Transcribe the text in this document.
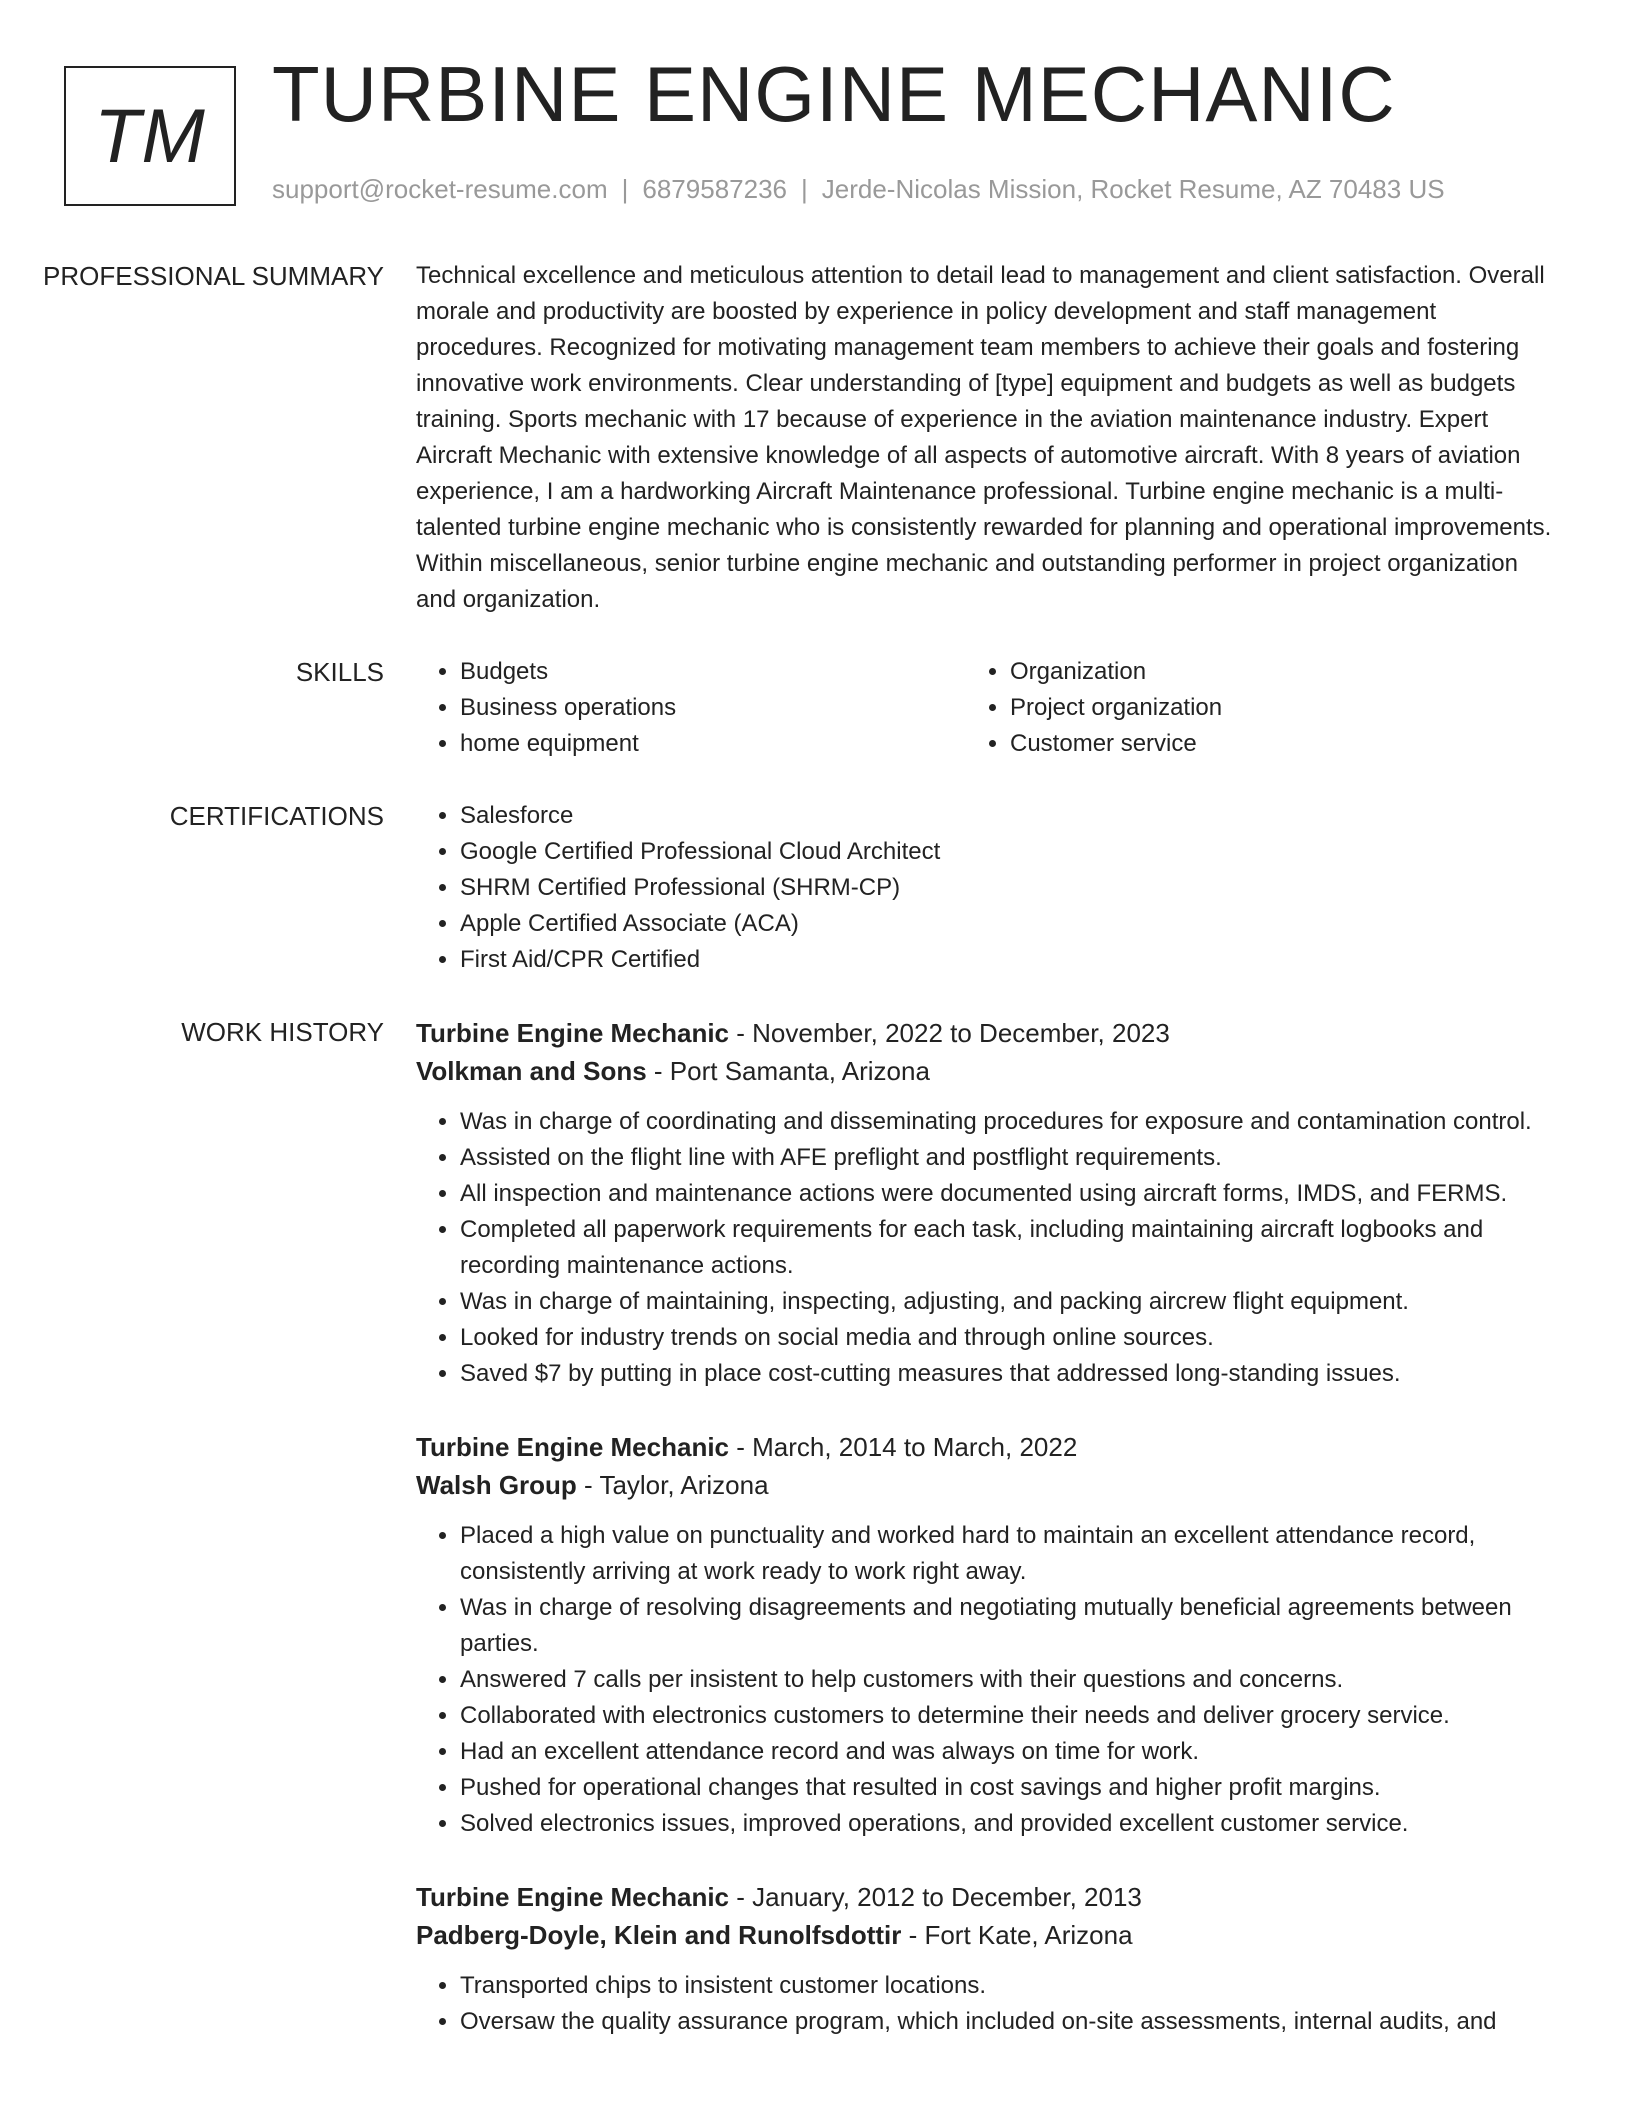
TM TURBINE ENGINE MECHANIC
support@rocket-resume.com | 6879587236 | Jerde-Nicolas Mission, Rocket Resume, AZ 70483 US
PROFESSIONAL SUMMARY	Technical excellence and meticulous attention to detail lead to management and client satisfaction. Overall morale and productivity are boosted by experience in policy development and staff management procedures. Recognized for motivating management team members to achieve their goals and fostering innovative work environments. Clear understanding of [type] equipment and budgets as well as budgets training. Sports mechanic with 17 because of experience in the aviation maintenance industry. Expert Aircraft Mechanic with extensive knowledge of all aspects of automotive aircraft. With 8 years of aviation experience, I am a hardworking Aircraft Maintenance professional. Turbine engine mechanic is a multi-talented turbine engine mechanic who is consistently rewarded for planning and operational improvements. Within miscellaneous, senior turbine engine mechanic and outstanding performer in project organization and organization.

SKILLS	• Budgets
• Business operations
• home equipment
• Organization
• Project organization
• Customer service
CERTIFICATIONS	• Salesforce
• Google Certified Professional Cloud Architect
• SHRM Certified Professional (SHRM-CP)
• Apple Certified Associate (ACA)
• First Aid/CPR Certified
WORK HISTORY	Turbine Engine Mechanic - November, 2022 to December, 2023
Volkman and Sons - Port Samanta, Arizona
• Was in charge of coordinating and disseminating procedures for exposure and contamination control.
• Assisted on the flight line with AFE preflight and postflight requirements.
• All inspection and maintenance actions were documented using aircraft forms, IMDS, and FERMS.
• Completed all paperwork requirements for each task, including maintaining aircraft logbooks and recording maintenance actions.
• Was in charge of maintaining, inspecting, adjusting, and packing aircrew flight equipment.
• Looked for industry trends on social media and through online sources.
• Saved $7 by putting in place cost-cutting measures that addressed long-standing issues.
Turbine Engine Mechanic - March, 2014 to March, 2022
Walsh Group - Taylor, Arizona
• Placed a high value on punctuality and worked hard to maintain an excellent attendance record, consistently arriving at work ready to work right away.
• Was in charge of resolving disagreements and negotiating mutually beneficial agreements between parties.
• Answered 7 calls per insistent to help customers with their questions and concerns.
• Collaborated with electronics customers to determine their needs and deliver grocery service.
• Had an excellent attendance record and was always on time for work.
• Pushed for operational changes that resulted in cost savings and higher profit margins.
• Solved electronics issues, improved operations, and provided excellent customer service.
Turbine Engine Mechanic - January, 2012 to December, 2013
Padberg-Doyle, Klein and Runolfsdottir - Fort Kate, Arizona
• Transported chips to insistent customer locations.
• Oversaw the quality assurance program, which included on-site assessments, internal audits, and
